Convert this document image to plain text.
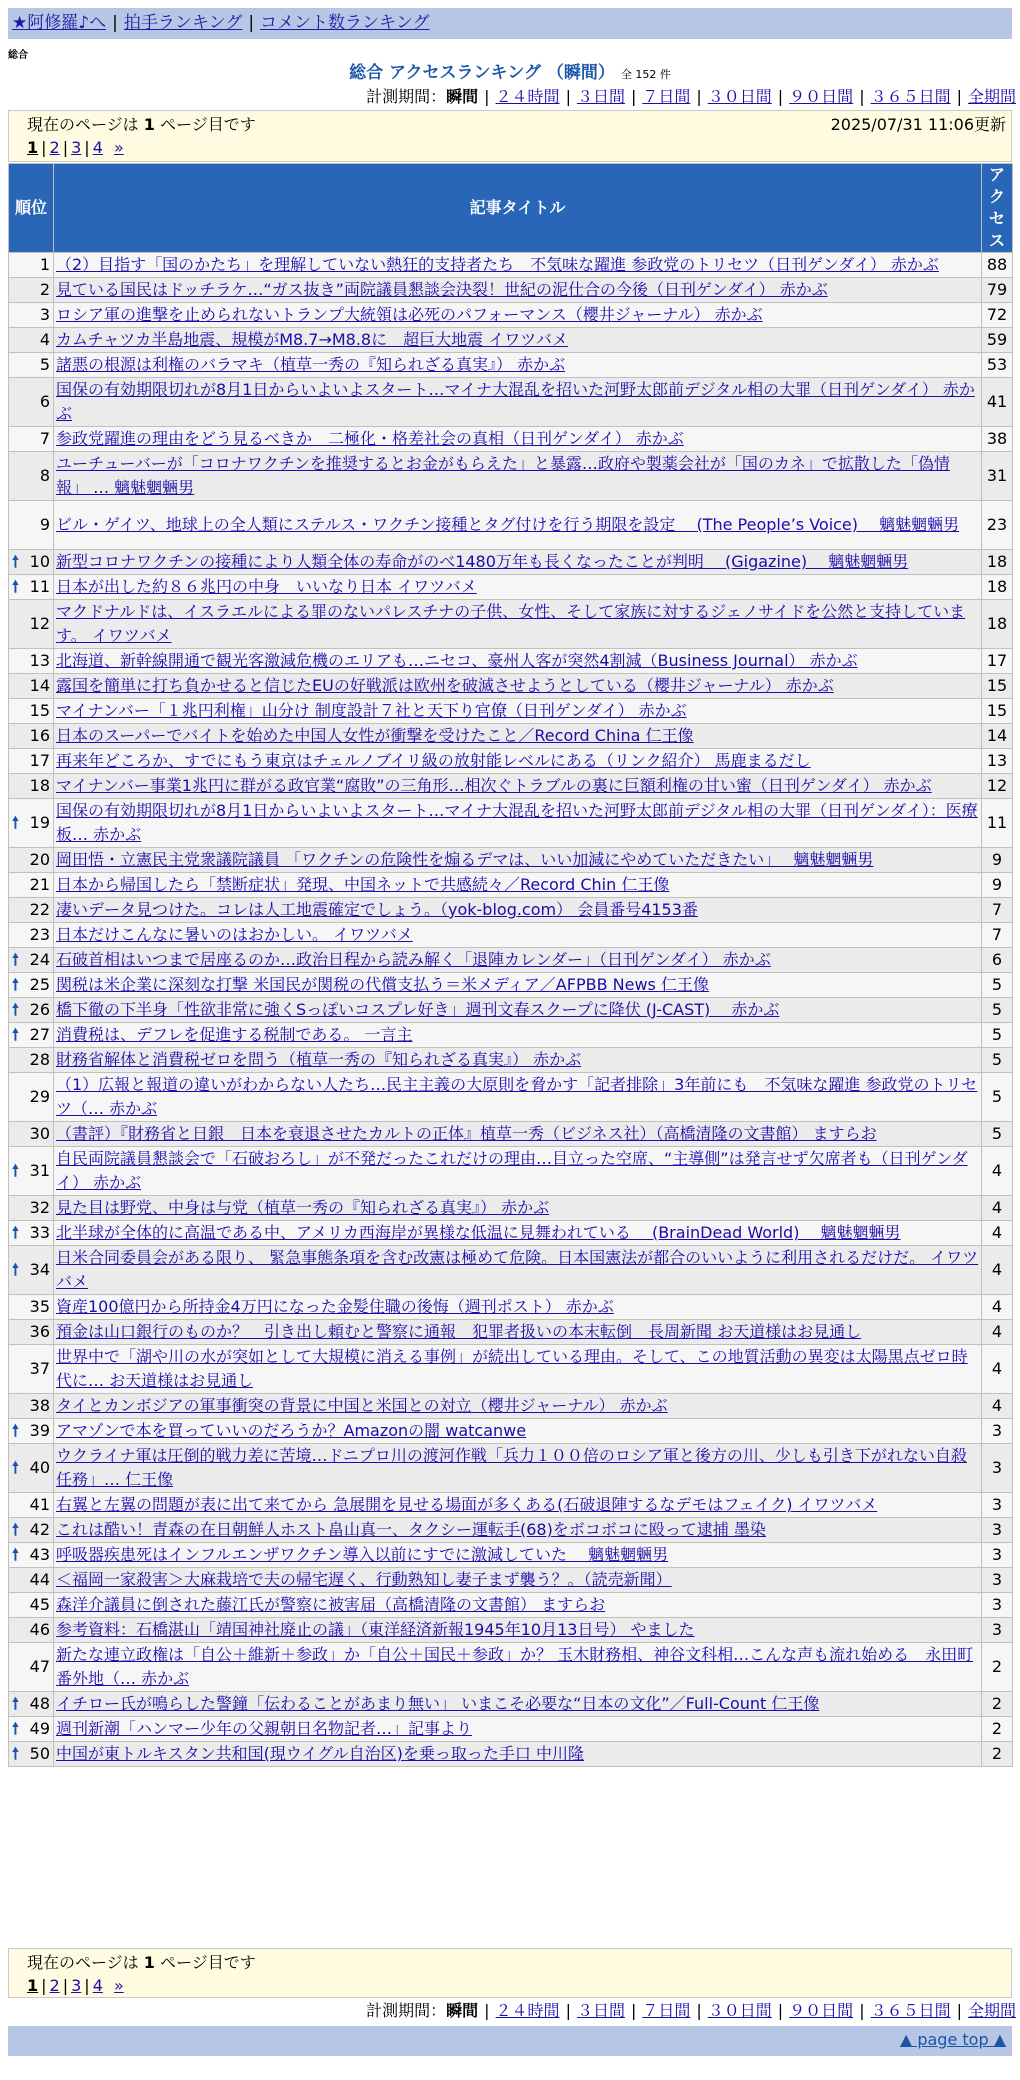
★阿修羅♪へ | 拍手ランキング | コメント数ランキング
総合
総合 アクセスランキング （瞬間） 全 152 件
計測期間：瞬間 | ２４時間 | ３日間 | ７日間 | ３０日間 | ９０日間 | ３６５日間 | 全期間
現在のページは 1 ページ目です	2025/07/31 11:06更新
1 | 2 | 3 | 4 »
順位	記事タイトル	アクセス
1	（2）目指す「国のかたち」を理解していない熱狂的支持者たち　不気味な躍進 参政党のトリセツ（日刊ゲンダイ） 赤かぶ	88
2	見ている国民はドッチラケ…“ガス抜き”両院議員懇談会決裂！世紀の泥仕合の今後（日刊ゲンダイ） 赤かぶ	79
3	ロシア軍の進撃を止められないトランプ大統領は必死のパフォーマンス（櫻井ジャーナル） 赤かぶ	72
4	カムチャツカ半島地震、規模がM8.7→M8.8に　超巨大地震 イワツバメ	59
5	諸悪の根源は利権のバラマキ（植草一秀の『知られざる真実』） 赤かぶ	53
6	国保の有効期限切れが8月1日からいよいよスタート…マイナ大混乱を招いた河野太郎前デジタル相の大罪（日刊ゲンダイ） 赤かぶ	41
7	参政党躍進の理由をどう見るべきか　二極化・格差社会の真相（日刊ゲンダイ） 赤かぶ	38
8	ユーチューバーが「コロナワクチンを推奨するとお金がもらえた」と暴露…政府や製薬会社が「国のカネ」で拡散した「偽情報」 … 魑魅魍魎男	31
9	ビル・ゲイツ、地球上の全人類にステルス・ワクチン接種とタグ付けを行う期限を設定　 (The People’s Voice)　 魑魅魍魎男	23

🠕 10	新型コロナワクチンの接種により人類全体の寿命がのべ1480万年も長くなったことが判明　 (Gigazine)　 魑魅魍魎男	18

🠕 11	日本が出した約８６兆円の中身　いいなり日本 イワツバメ	18
12	マクドナルドは、イスラエルによる罪のないパレスチナの子供、女性、そして家族に対するジェノサイドを公然と支持しています。 イワツバメ	18
13	北海道、新幹線開通で観光客激減危機のエリアも…ニセコ、豪州人客が突然4割減（Business Journal） 赤かぶ	17
14	露国を簡単に打ち負かせると信じたEUの好戦派は欧州を破滅させようとしている（櫻井ジャーナル） 赤かぶ	15
15	マイナンバー「１兆円利権」山分け 制度設計７社と天下り官僚（日刊ゲンダイ） 赤かぶ	15
16	日本のスーパーでバイトを始めた中国人女性が衝撃を受けたこと／Record China 仁王像	14
17	再来年どころか、すでにもう東京はチェルノブイリ級の放射能レベルにある（リンク紹介） 馬鹿まるだし	13
18	マイナンバー事業1兆円に群がる政官業“腐敗”の三角形…相次ぐトラブルの裏に巨額利権の甘い蜜（日刊ゲンダイ） 赤かぶ	12

🠕 19	国保の有効期限切れが8月1日からいよいよスタート…マイナ大混乱を招いた河野太郎前デジタル相の大罪（日刊ゲンダイ）：医療板… 赤かぶ	11
20	岡田悟・立憲民主党衆議院議員 「ワクチンの危険性を煽るデマは、いい加減にやめていただきたい」　 魑魅魍魎男	9
21	日本から帰国したら「禁断症状」発現、中国ネットで共感続々／Record Chin 仁王像	9
22	凄いデータ見つけた。コレは人工地震確定でしょう。（yok-blog.com） 会員番号4153番	7
23	日本だけこんなに暑いのはおかしい。 イワツバメ	7

🠕 24	石破首相はいつまで居座るのか…政治日程から読み解く「退陣カレンダー」（日刊ゲンダイ） 赤かぶ	6

🠕 25	関税は米企業に深刻な打撃 米国民が関税の代償支払う＝米メディア／AFPBB News 仁王像	5

🠕 26	橋下徹の下半身「性欲非常に強くSっぽいコスプレ好き」週刊文春スクープに降伏 (J-CAST)　 赤かぶ	5

🠕 27	消費税は、デフレを促進する税制である。 一言主	5
28	財務省解体と消費税ゼロを問う（植草一秀の『知られざる真実』） 赤かぶ	5
29	（1）広報と報道の違いがわからない人たち…民主主義の大原則を脅かす「記者排除」3年前にも　不気味な躍進 参政党のトリセツ（… 赤かぶ	5
30	（書評）『財務省と日銀　日本を衰退させたカルトの正体』植草一秀（ビジネス社）（高橋清隆の文書館） ますらお	5

🠕 31	自民両院議員懇談会で「石破おろし」が不発だったこれだけの理由…目立った空席、“主導側”は発言せず欠席者も（日刊ゲンダイ） 赤かぶ	4
32	見た目は野党、中身は与党（植草一秀の『知られざる真実』） 赤かぶ	4

🠕 33	北半球が全体的に高温である中、アメリカ西海岸が異様な低温に見舞われている　 (BrainDead World)　 魑魅魍魎男	4

🠕 34	日米合同委員会がある限り、 緊急事態条項を含む改憲は極めて危険。日本国憲法が都合のいいように利用されるだけだ。 イワツバメ	4
35	資産100億円から所持金4万円になった金髪住職の後悔（週刊ポスト） 赤かぶ	4
36	預金は山口銀行のものか？　引き出し頼むと警察に通報　犯罪者扱いの本末転倒　長周新聞 お天道様はお見通し	4
37	世界中で「湖や川の水が突如として大規模に消える事例」が続出している理由。そして、この地質活動の異変は太陽黒点ゼロ時代に… お天道様はお見通し	4
38	タイとカンボジアの軍事衝突の背景に中国と米国との対立（櫻井ジャーナル） 赤かぶ	4

🠕 39	アマゾンで本を買っていいのだろうか？Amazonの闇 watcanwe	3

🠕 40	ウクライナ軍は圧倒的戦力差に苦境…ドニプロ川の渡河作戦「兵力１００倍のロシア軍と後方の川、少しも引き下がれない自殺任務」… 仁王像	3
41	右翼と左翼の問題が表に出て来てから 急展開を見せる場面が多くある(石破退陣するなデモはフェイク) イワツバメ	3

🠕 42	これは酷い！青森の在日朝鮮人ホスト畠山真一、タクシー運転手(68)をボコボコに殴って逮捕 墨染	3

🠕 43	呼吸器疾患死はインフルエンザワクチン導入以前にすでに激減していた　 魑魅魍魎男	3
44	＜福岡一家殺害＞大麻栽培で夫の帰宅遅く、行動熟知し妻子まず襲う？。（読売新聞）	3
45	森洋介議員に倒された藤江氏が警察に被害届（高橋清隆の文書館） ますらお	3
46	参考資料：石橋湛山「靖国神社廃止の議」（東洋経済新報1945年10月13日号） やました	3
47	新たな連立政権は「自公＋維新＋参政」か「自公＋国民＋参政」か？ 玉木財務相、神谷文科相…こんな声も流れ始める　永田町番外地（… 赤かぶ	2

🠕 48	イチロー氏が鳴らした警鐘「伝わることがあまり無い」 いまこそ必要な“日本の文化”／Full-Count 仁王像	2

🠕 49	週刊新潮「ハンマー少年の父親朝日名物記者…」記事より	2

🠕 50	中国が東トルキスタン共和国(現ウイグル自治区)を乗っ取った手口 中川隆	2
現在のページは 1 ページ目です
1 | 2 | 3 | 4 »
計測期間：瞬間 | ２４時間 | ３日間 | ７日間 | ３０日間 | ９０日間 | ３６５日間 | 全期間
▲ page top ▲
